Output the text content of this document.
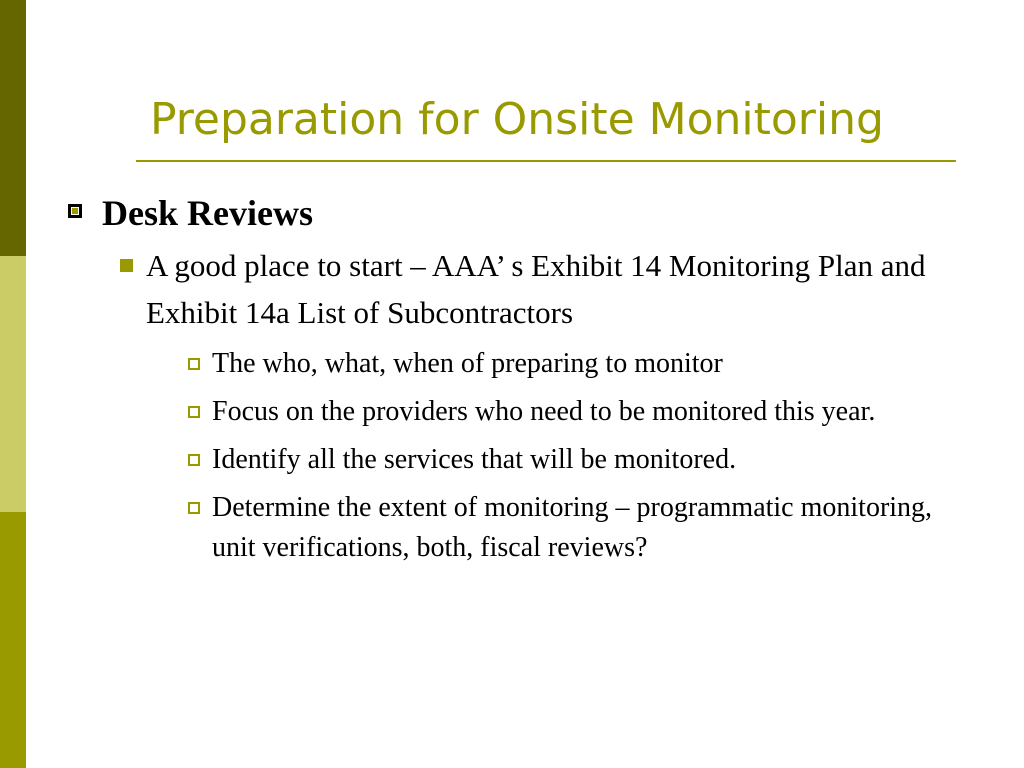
Preparation for Onsite Monitoring
Desk Reviews
A good place to start – AAA’ s Exhibit 14 Monitoring Plan and Exhibit 14a List of Subcontractors
The who, what, when of preparing to monitor
Focus on the providers who need to be monitored this year.
Identify all the services that will be monitored.
Determine the extent of monitoring – programmatic monitoring, unit verifications, both, fiscal reviews?
